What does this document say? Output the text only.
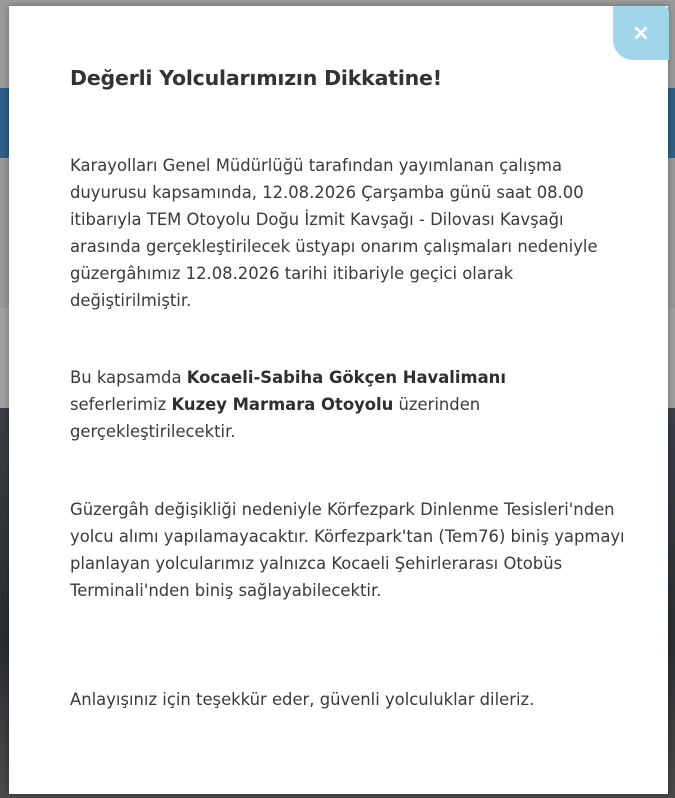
×
Değerli Yolcularımızın Dikkatine!

Karayolları Genel Müdürlüğü tarafından yayımlanan çalışma duyurusu kapsamında, 12.08.2026 Çarşamba günü saat 08.00 itibarıyla TEM Otoyolu Doğu İzmit Kavşağı - Dilovası Kavşağı arasında gerçekleştirilecek üstyapı onarım çalışmaları nedeniyle güzergâhımız 12.08.2026 tarihi itibariyle geçici olarak değiştirilmiştir.

Bu kapsamda Kocaeli-Sabiha Gökçen Havalimanı seferlerimiz Kuzey Marmara Otoyolu üzerinden gerçekleştirilecektir.

Güzergâh değişikliği nedeniyle Körfezpark Dinlenme Tesisleri'nden yolcu alımı yapılamayacaktır. Körfezpark'tan (Tem76) biniş yapmayı planlayan yolcularımız yalnızca Kocaeli Şehirlerarası Otobüs Terminali'nden biniş sağlayabilecektir.

Anlayışınız için teşekkür eder, güvenli yolculuklar dileriz.
